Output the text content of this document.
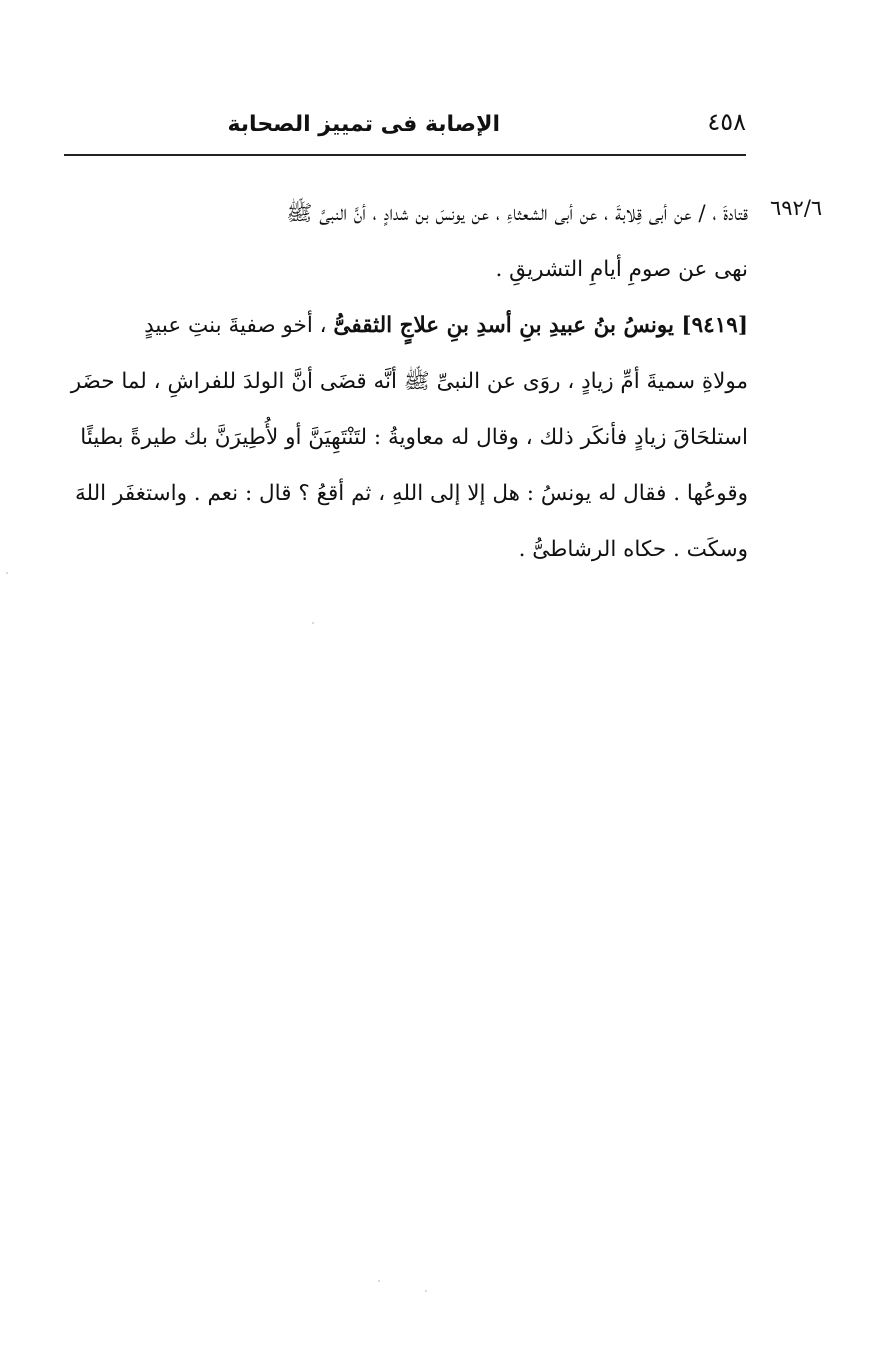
٤٥٨
الإصابة فى تمييز الصحابة
٦٩٢/٦
قتادةَ ، / عن أبى قِلابةَ ، عن أبى الشعثاءِ ، عن يونسَ بن شدادٍ ، أنَّ النبىَّ ﷺ
نهى عن صومِ أيامِ التشريقِ .
[٩٤١٩] يونسُ بنُ عبيدِ بنِ أسدِ بنِ علاجٍ الثقفىُّ ، أخو صفيةَ بنتِ عبيدٍ
مولاةِ سميةَ أمِّ زيادٍ ، روَى عن النبىِّ ﷺ أنَّه قضَى أنَّ الولدَ للفراشِ ، لما حضَر
استلحَاقَ زيادٍ فأنكَر ذلك ، وقال له معاويةُ : لتَنْتَهِيَنَّ أو لأُطِيرَنَّ بك طيرةً بطيئًا
وقوعُها . فقال له يونسُ : هل إلا إلى اللهِ ، ثم أقعُ ؟ قال : نعم . واستغفَر اللهَ
وسكَت . حكاه الرشاطىُّ .
